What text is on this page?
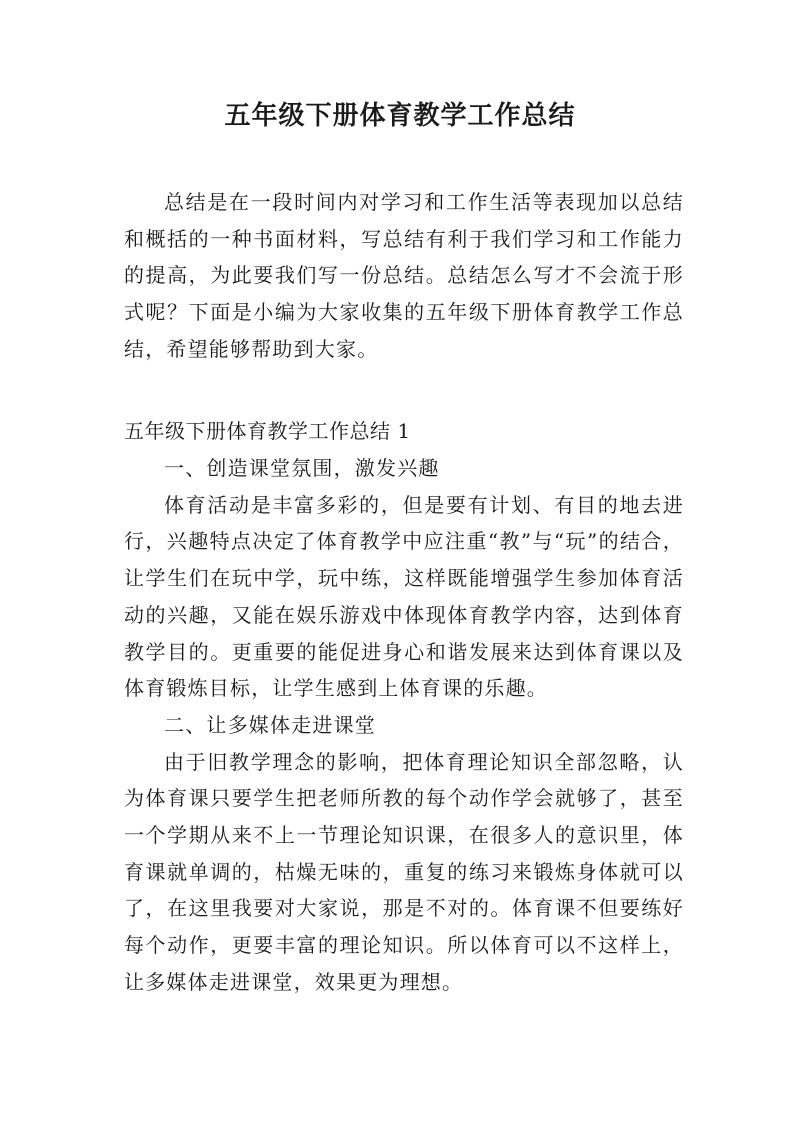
五年级下册体育教学工作总结

总结是在一段时间内对学习和工作生活等表现加以总结和概括的一种书面材料，写总结有利于我们学习和工作能力的提高，为此要我们写一份总结。总结怎么写才不会流于形式呢？下面是小编为大家收集的五年级下册体育教学工作总结，希望能够帮助到大家。

五年级下册体育教学工作总结 1

一、创造课堂氛围，激发兴趣

体育活动是丰富多彩的，但是要有计划、有目的地去进行，兴趣特点决定了体育教学中应注重“教”与“玩”的结合，让学生们在玩中学，玩中练，这样既能增强学生参加体育活动的兴趣，又能在娱乐游戏中体现体育教学内容，达到体育教学目的。更重要的能促进身心和谐发展来达到体育课以及体育锻炼目标，让学生感到上体育课的乐趣。

二、让多媒体走进课堂

由于旧教学理念的影响，把体育理论知识全部忽略，认为体育课只要学生把老师所教的每个动作学会就够了，甚至一个学期从来不上一节理论知识课，在很多人的意识里，体育课就单调的，枯燥无味的，重复的练习来锻炼身体就可以了，在这里我要对大家说，那是不对的。体育课不但要练好每个动作，更要丰富的理论知识。所以体育可以不这样上，让多媒体走进课堂，效果更为理想。
